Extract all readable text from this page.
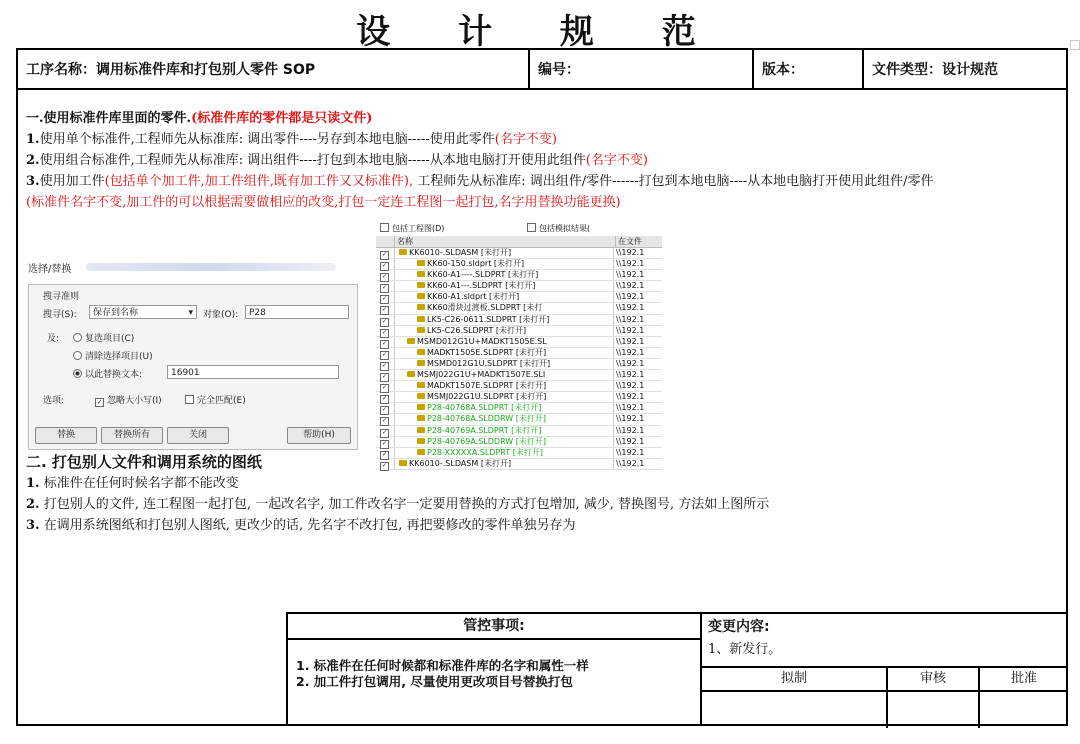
设 计 规 范
工序名称：调用标准件库和打包别人零件 SOP	编号：	版本：	文件类型：设计规范
一.使用标准件库里面的零件.(标准件库的零件都是只读文件)
1.使用单个标准件,工程师先从标准库: 调出零件----另存到本地电脑-----使用此零件(名字不变)
2.使用组合标准件,工程师先从标准库: 调出组件----打包到本地电脑-----从本地电脑打开使用此组件(名字不变)
3.使用加工件(包括单个加工件,加工件组件,既有加工件又又标准件), 工程师先从标准库: 调出组件/零件------打包到本地电脑----从本地电脑打开使用此组件/零件
(标准件名字不变,加工件的可以根据需要做相应的改变,打包一定连工程图一起打包,名字用替换功能更换)
选择/替换
搜寻准则
搜寻(S):	保存到名称	▾ 对象(O):	P28
及:	复选项目(C)
清除选择项目(U)
以此替换文本:	16901
选项:	✓ 忽略大小写(I)	完全匹配(E)
替换	替换所有	关闭	帮助(H)
包括工程图(D)	包括模拟结果(
名称	在文件
✓	KK6010-.SLDASM [未打开]	\\192.1
✓	KK60-150.sldprt [未打开]	\\192.1
✓	KK60-A1----.SLDPRT [未打开]	\\192.1
✓	KK60-A1---.SLDPRT [未打开]	\\192.1
✓	KK60-A1.sldprt [未打开]	\\192.1
✓	KK60滑块过渡板.SLDPRT [未打	\\192.1
✓	LK5-C26-0611.SLDPRT [未打开]	\\192.1
✓	LK5-C26.SLDPRT [未打开]	\\192.1
✓	MSMD012G1U+MADKT1505E.SL	\\192.1
✓	MADKT1505E.SLDPRT [未打开]	\\192.1
✓	MSMD012G1U.SLDPRT [未打开]	\\192.1
✓	MSMJ022G1U+MADKT1507E.SLI	\\192.1
✓	MADKT1507E.SLDPRT [未打开]	\\192.1
✓	MSMJ022G1U.SLDPRT [未打开]	\\192.1
✓	P28-40768A.SLDPRT [未打开]	\\192.1
✓	P28-40768A.SLDDRW [未打开]	\\192.1
✓	P28-40769A.SLDPRT [未打开]	\\192.1
✓	P28-40769A.SLDDRW [未打开]	\\192.1
✓	P28-XXXXXA.SLDPRT [未打开]	\\192.1
✓	KK6010-.SLDASM [未打开]	\\192.1
二. 打包别人文件和调用系统的图纸
1. 标准件在任何时候名字都不能改变
2. 打包别人的文件, 连工程图一起打包, 一起改名字, 加工件改名字一定要用替换的方式打包增加, 减少, 替换图号, 方法如上图所示
3. 在调用系统图纸和打包别人图纸, 更改少的话, 先名字不改打包, 再把要修改的零件单独另存为
管控事项:
1. 标准件在任何时候都和标准件库的名字和属性一样
2. 加工件打包调用, 尽量使用更改项目号替换打包
变更内容:
1、新发行。
拟制	审核	批准
